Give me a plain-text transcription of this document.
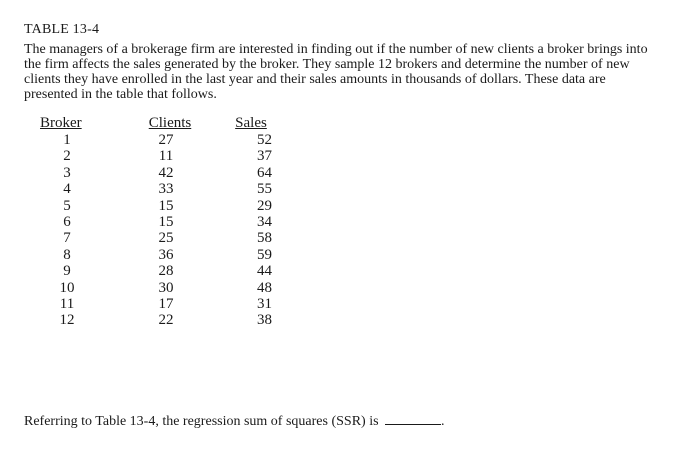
TABLE 13-4

The managers of a brokerage firm are interested in finding out if the number of new clients a broker brings into the firm affects the sales generated by the broker. They sample 12 brokers and determine the number of new clients they have enrolled in the last year and their sales amounts in thousands of dollars. These data are presented in the table that follows.

Broker	Clients	Sales
1	27	52
2	11	37
3	42	64
4	33	55
5	15	29
6	15	34
7	25	58
8	36	59
9	28	44
10	30	48
11	17	31
12	22	38
Referring to Table 13-4, the regression sum of squares (SSR) is	.
